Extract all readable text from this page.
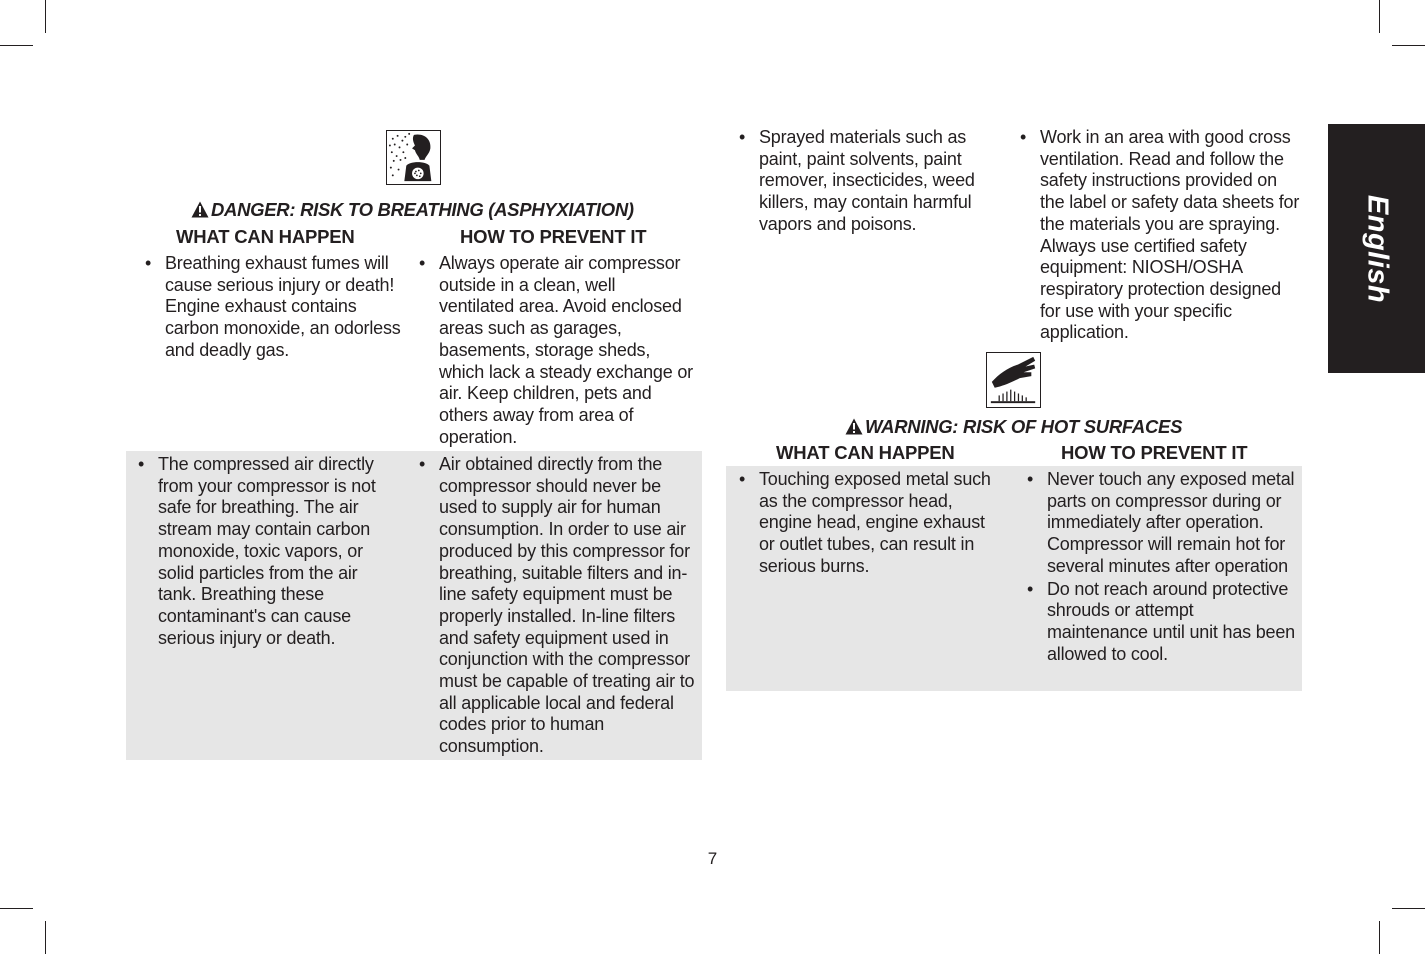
English
DANGER: RISK TO BREATHING (ASPHYXIATION)
WHAT CAN HAPPEN	HOW TO PREVENT IT
• Breathing exhaust fumes will cause serious injury or death! Engine exhaust contains carbon monoxide, an odorless and deadly gas.
• Always operate air compressor outside in a clean, well ventilated area. Avoid enclosed areas such as garages, basements, storage sheds, which lack a steady exchange or air. Keep children, pets and others away from area of operation.
• The compressed air directly from your compressor is not safe for breathing. The air stream may contain carbon monoxide, toxic vapors, or solid particles from the air tank. Breathing these contaminant's can cause serious injury or death.
• Air obtained directly from the compressor should never be used to supply air for human consumption. In order to use air produced by this compressor for breathing, suitable filters and in-line safety equipment must be properly installed. In-line filters and safety equipment used in conjunction with the compressor must be capable of treating air to all applicable local and federal codes prior to human consumption.
• Sprayed materials such as paint, paint solvents, paint remover, insecticides, weed killers, may contain harmful vapors and poisons.
• Work in an area with good cross ventilation. Read and follow the safety instructions provided on the label or safety data sheets for the materials you are spraying. Always use certified safety equipment: NIOSH/OSHA respiratory protection designed for use with your specific application.
WARNING: RISK OF HOT SURFACES
WHAT CAN HAPPEN	HOW TO PREVENT IT
• Touching exposed metal such as the compressor head, engine head, engine exhaust or outlet tubes, can result in serious burns.
• Never touch any exposed metal parts on compressor during or immediately after operation. Compressor will remain hot for several minutes after operation
• Do not reach around protective shrouds or attempt maintenance until unit has been allowed to cool.
7
